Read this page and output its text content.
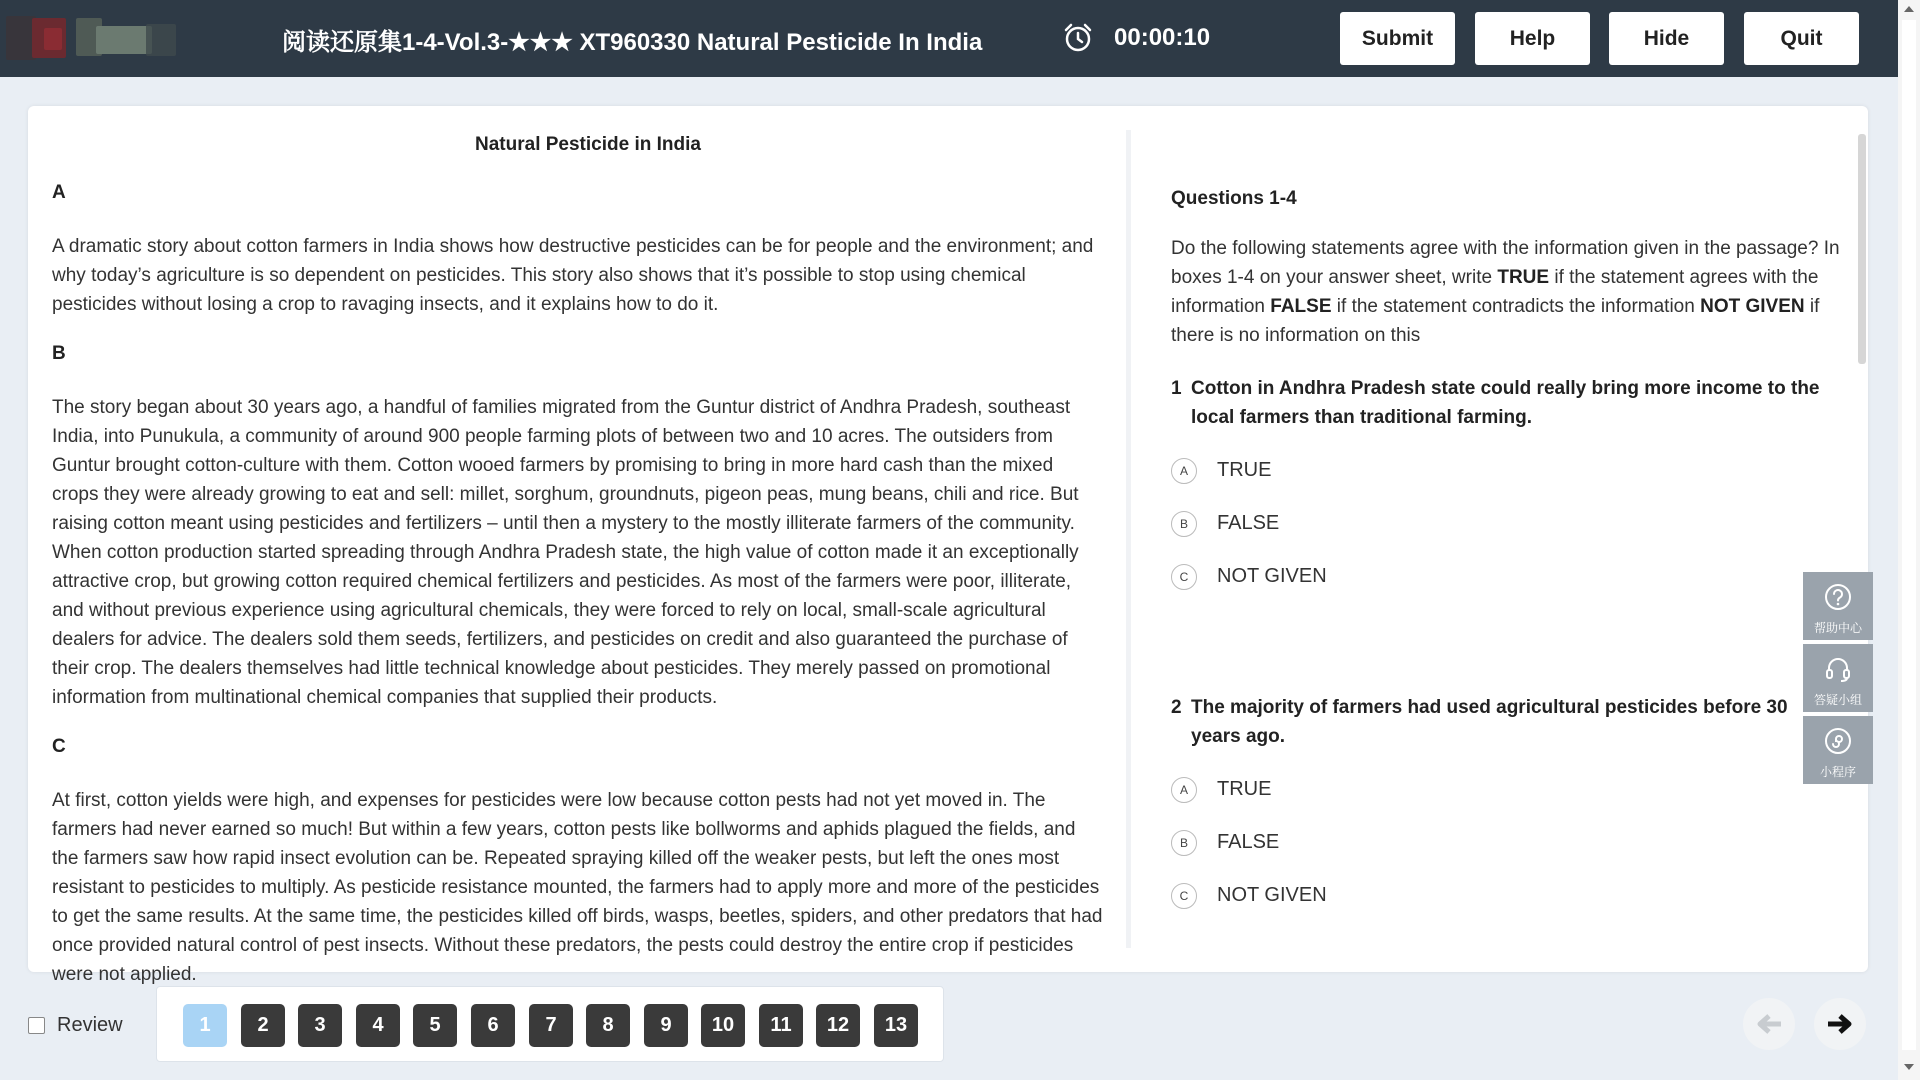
阅读还原集1-4-Vol.3-★★★ XT960330 Natural Pesticide In India	00:00:10	Submit	Help	Hide	Quit
Natural Pesticide in India
A

A dramatic story about cotton farmers in India shows how destructive pesticides can be for people and the environment; and why today’s agriculture is so dependent on pesticides. This story also shows that it’s possible to stop using chemical pesticides without losing a crop to ravaging insects, and it explains how to do it.

B

The story began about 30 years ago, a handful of families migrated from the Guntur district of Andhra Pradesh, southeast India, into Punukula, a community of around 900 people farming plots of between two and 10 acres. The outsiders from Guntur brought cotton-culture with them. Cotton wooed farmers by promising to bring in more hard cash than the mixed crops they were already growing to eat and sell: millet, sorghum, groundnuts, pigeon peas, mung beans, chili and rice. But raising cotton meant using pesticides and fertilizers – until then a mystery to the mostly illiterate farmers of the community. When cotton production started spreading through Andhra Pradesh state, the high value of cotton made it an exceptionally attractive crop, but growing cotton required chemical fertilizers and pesticides. As most of the farmers were poor, illiterate, and without previous experience using agricultural chemicals, they were forced to rely on local, small-scale agricultural dealers for advice. The dealers sold them seeds, fertilizers, and pesticides on credit and also guaranteed the purchase of their crop. The dealers themselves had little technical knowledge about pesticides. They merely passed on promotional information from multinational chemical companies that supplied their products.

C

At first, cotton yields were high, and expenses for pesticides were low because cotton pests had not yet moved in. The farmers had never earned so much! But within a few years, cotton pests like bollworms and aphids plagued the fields, and the farmers saw how rapid insect evolution can be. Repeated spraying killed off the weaker pests, but left the ones most resistant to pesticides to multiply. As pesticide resistance mounted, the farmers had to apply more and more of the pesticides to get the same results. At the same time, the pesticides killed off birds, wasps, beetles, spiders, and other predators that had once provided natural control of pest insects. Without these predators, the pests could destroy the entire crop if pesticides were not applied.

Questions 1-4

Do the following statements agree with the information given in the passage? In boxes 1-4 on your answer sheet, write TRUE if the statement agrees with the information FALSE if the statement contradicts the information NOT GIVEN if there is no information on this

1 Cotton in Andhra Pradesh state could really bring more income to the local farmers than traditional farming.
A	TRUE
B	FALSE
C	NOT GIVEN
2 The majority of farmers had used agricultural pesticides before 30 years ago.
A	TRUE
B	FALSE
C	NOT GIVEN
帮助中心
答疑小组
小程序
Review	1	2	3	4	5	6	7	8	9	10	11	12	13
